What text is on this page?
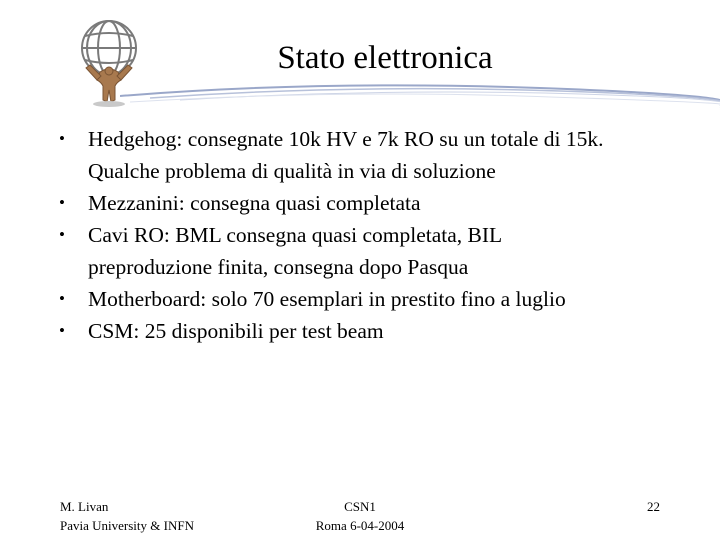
Stato elettronica
• Hedgehog: consegnate 10k HV e 7k RO su un totale di 15k.
Qualche problema di qualità in via di soluzione
• Mezzanini: consegna quasi completata
• Cavi RO: BML consegna quasi completata, BIL
preproduzione finita, consegna dopo Pasqua
• Motherboard: solo 70 esemplari in prestito fino a luglio
• CSM: 25 disponibili per test beam
M. Livan
Pavia University & INFN
CSN1
Roma 6-04-2004
22
